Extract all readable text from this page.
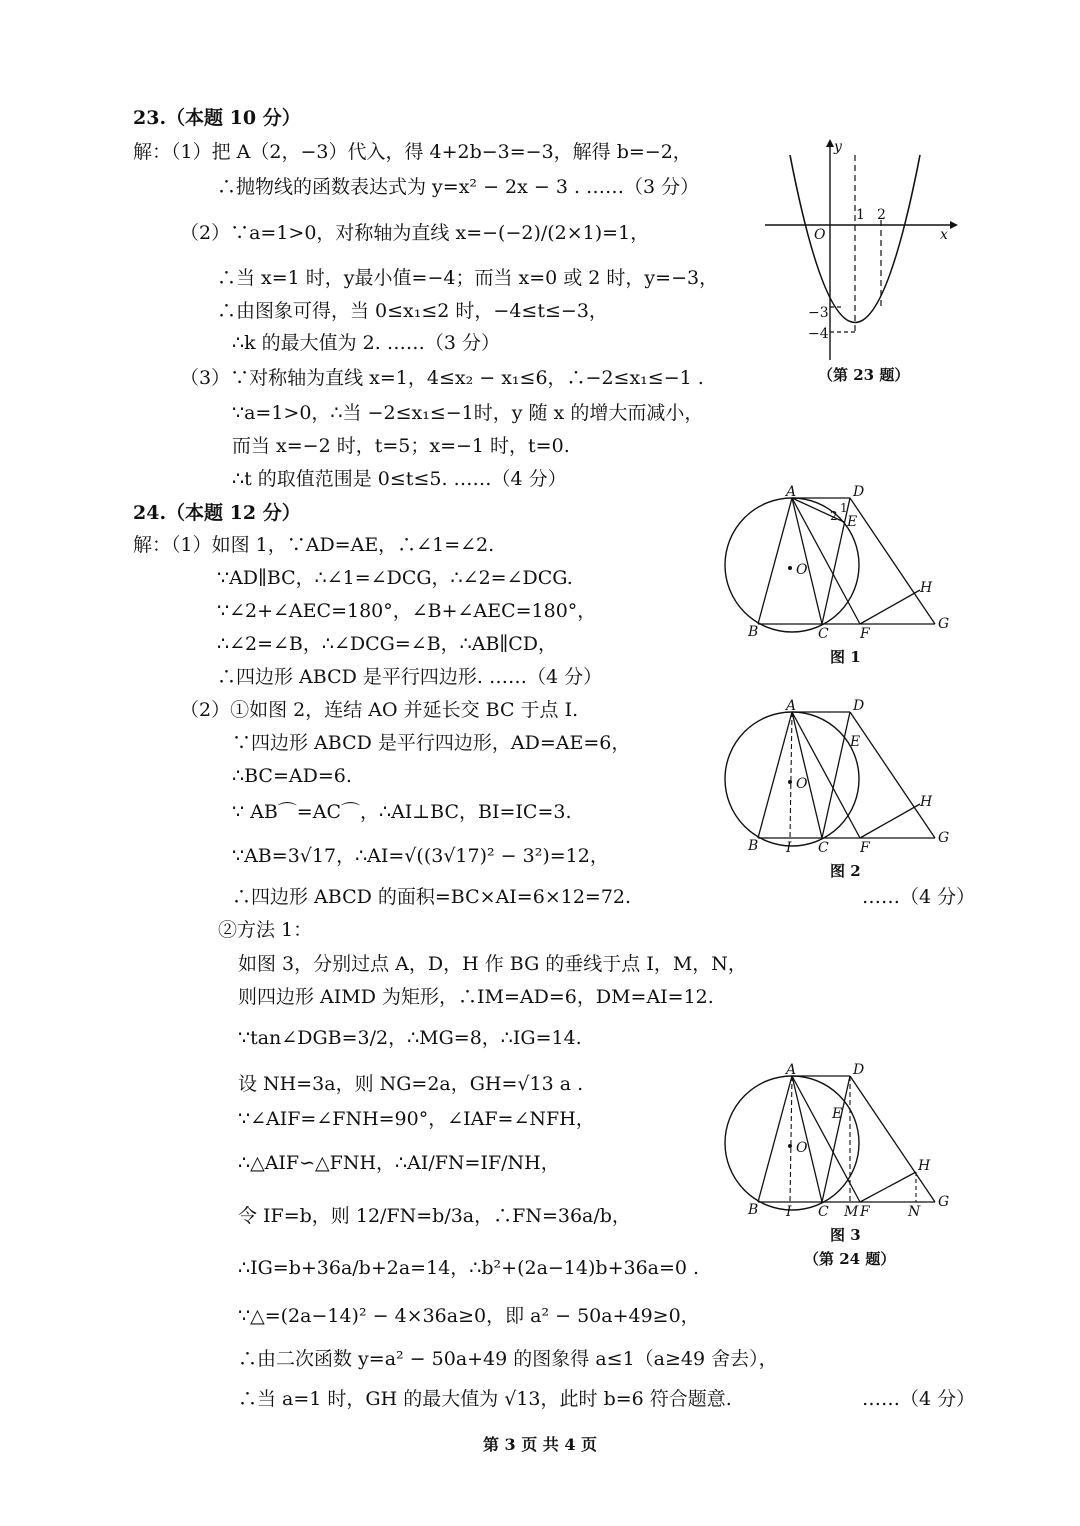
23.（本题 10 分）
解：（1）把 A（2，−3）代入，得 4+2b−3=−3，解得 b=−2，
∴抛物线的函数表达式为 y=x² − 2x − 3 . ……（3 分）
（2）∵a=1>0，对称轴为直线 x=−(−2)/(2×1)=1，
∴当 x=1 时，y最小值=−4；而当 x=0 或 2 时，y=−3，
∴由图象可得，当 0≤x₁≤2 时，−4≤t≤−3，
∴k 的最大值为 2. ……（3 分）
（3）∵对称轴为直线 x=1，4≤x₂ − x₁≤6，∴−2≤x₁≤−1 .
∵a=1>0，∴当 −2≤x₁≤−1时，y 随 x 的增大而减小，
而当 x=−2 时，t=5；x=−1 时，t=0.
∴t 的取值范围是 0≤t≤5. ……（4 分）
y
x
O
1 2
−3
−4
（第 23 题）
24.（本题 12 分）
解：（1）如图 1，∵AD=AE，∴∠1=∠2.
∵AD∥BC，∴∠1=∠DCG，∴∠2=∠DCG.
∵∠2+∠AEC=180°，∠B+∠AEC=180°，
∴∠2=∠B，∴∠DCG=∠B，∴AB∥CD，
∴四边形 ABCD 是平行四边形. ……（4 分）
（2）①如图 2，连结 AO 并延长交 BC 于点 I.
∵四边形 ABCD 是平行四边形，AD=AE=6，
∴BC=AD=6.
∵ AB⌒=AC⌒，∴AI⊥BC，BI=IC=3.
∵AB=3√17，∴AI=√((3√17)² − 3²)=12，
∴四边形 ABCD 的面积=BC×AI=6×12=72.	……（4 分）
②方法 1：
如图 3，分别过点 A，D，H 作 BG 的垂线于点 I，M，N，
则四边形 AIMD 为矩形，∴IM=AD=6，DM=AI=12.
∵tan∠DGB=3/2，∴MG=8，∴IG=14.
设 NH=3a，则 NG=2a，GH=√13 a .
∵∠AIF=∠FNH=90°，∠IAF=∠NFH，
∴△AIF∽△FNH，∴AI/FN=IF/NH，
令 IF=b，则 12/FN=b/3a，∴FN=36a/b，
∴IG=b+36a/b+2a=14，∴b²+(2a−14)b+36a=0 .
∵△=(2a−14)² − 4×36a≥0，即 a² − 50a+49≥0，
∴由二次函数 y=a² − 50a+49 的图象得 a≤1（a≥49 舍去），
∴当 a=1 时，GH 的最大值为 √13，此时 b=6 符合题意.	……（4 分）
A	D
E
2
1
O
B	C F
G
H
图 1
A	D
E
O
B I C F
G
H
图 2
A	D
E
O
B I C M F	N
G
H
图 3
（第 24 题）
第 3 页 共 4 页
